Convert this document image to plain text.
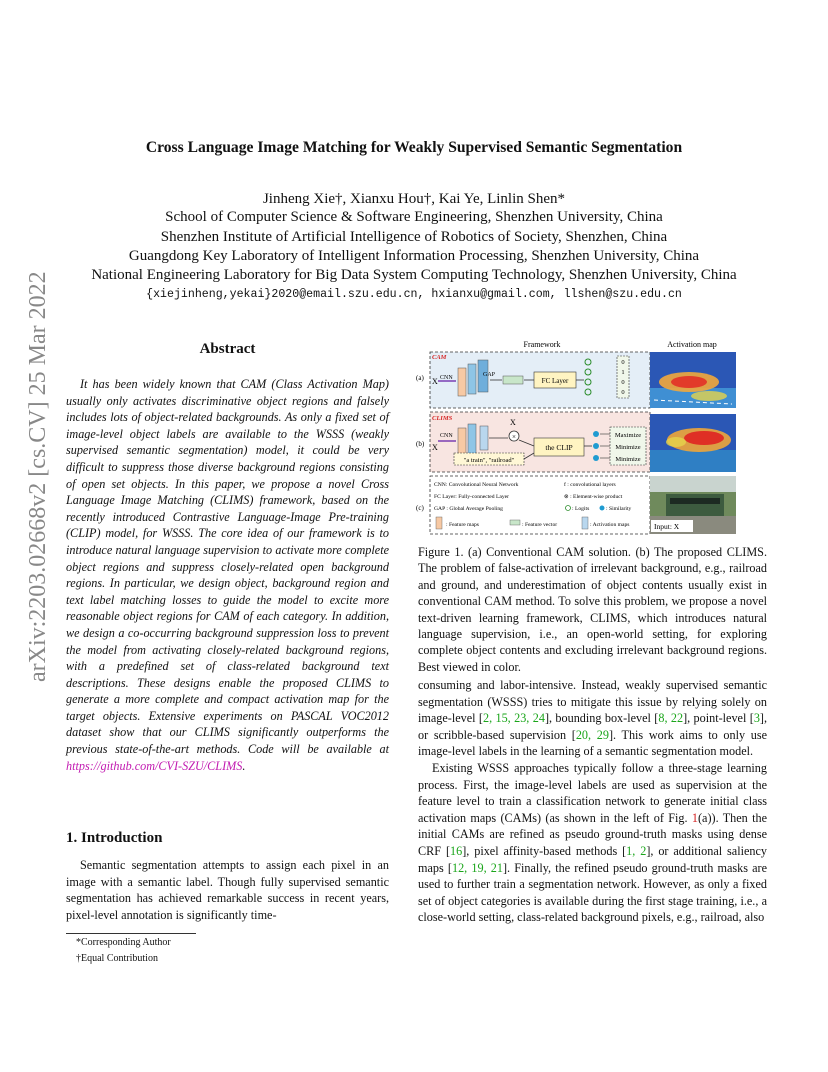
arXiv:2203.02668v2 [cs.CV] 25 Mar 2022
Cross Language Image Matching for Weakly Supervised Semantic Segmentation
Jinheng Xie†, Xianxu Hou†, Kai Ye, Linlin Shen*
School of Computer Science & Software Engineering, Shenzhen University, China
Shenzhen Institute of Artificial Intelligence of Robotics of Society, Shenzhen, China
Guangdong Key Laboratory of Intelligent Information Processing, Shenzhen University, China
National Engineering Laboratory for Big Data System Computing Technology, Shenzhen University, China
{xiejinheng,yekai}2020@email.szu.edu.cn, hxianxu@gmail.com, llshen@szu.edu.cn
Abstract
It has been widely known that CAM (Class Activation Map) usually only activates discriminative object regions and falsely includes lots of object-related backgrounds. As only a fixed set of image-level object labels are available to the WSSS (weakly supervised semantic segmentation) model, it could be very difficult to suppress those diverse background regions consisting of open set objects. In this paper, we propose a novel Cross Language Image Matching (CLIMS) framework, based on the recently introduced Contrastive Language-Image Pre-training (CLIP) model, for WSSS. The core idea of our framework is to introduce natural language supervision to activate more complete object regions and suppress closely-related open background regions. In particular, we design object, background region and text label matching losses to guide the model to excite more reasonable object regions for CAM of each category. In addition, we design a co-occurring background suppression loss to prevent the model from activating closely-related background regions, with a predefined set of class-related background text descriptions. These designs enable the proposed CLIMS to generate a more complete and compact activation map for the target objects. Extensive experiments on PASCAL VOC2012 dataset show that our CLIMS significantly outperforms the previous state-of-the-art methods. Code will be available at https://github.com/CVI-SZU/CLIMS.
1. Introduction
Semantic segmentation attempts to assign each pixel in an image with a semantic label. Though fully supervised semantic segmentation has achieved remarkable success in recent years, pixel-level annotation is significantly time-
*Corresponding Author
†Equal Contribution
Framework	Activation map
CAM
(a) X CNN	GAP
FC Layer
0
1
0
0
CLIMS
(b) X
CNN
X
×
"a train", "railroad"
the CLIP
Maximize
Minimize
Minimize
(c)
CNN: Convolutional Neural Network	f : convolutional layers
FC Layer: Fully-connected Layer	⊗ : Element-wise product
GAP : Global Average Pooling	: Logits	: Similarity
: Feature maps	: Feature vector	: Activation maps	Input: X
Figure 1. (a) Conventional CAM solution. (b) The proposed CLIMS. The problem of false-activation of irrelevant background, e.g., railroad and ground, and underestimation of object contents usually exist in conventional CAM method. To solve this problem, we propose a novel text-driven learning framework, CLIMS, which introduces natural language supervision, i.e., an open-world setting, for exploring complete object contents and excluding irrelevant background regions. Best viewed in color.

consuming and labor-intensive. Instead, weakly supervised semantic segmentation (WSSS) tries to mitigate this issue by relying solely on image-level [2, 15, 23, 24], bounding box-level [8, 22], point-level [3], or scribble-based supervision [20, 29]. This work aims to only use image-level labels in the learning of a semantic segmentation model.

Existing WSSS approaches typically follow a three-stage learning process. First, the image-level labels are used as supervision at the feature level to train a classification network to generate initial class activation maps (CAMs) (as shown in the left of Fig. 1(a)). Then the initial CAMs are refined as pseudo ground-truth masks using dense CRF [16], pixel affinity-based methods [1, 2], or additional saliency maps [12, 19, 21]. Finally, the refined pseudo ground-truth masks are used to further train a segmentation network. However, as only a fixed set of object categories is available during the first stage training, i.e., a close-world setting, class-related background pixels, e.g., railroad, also
